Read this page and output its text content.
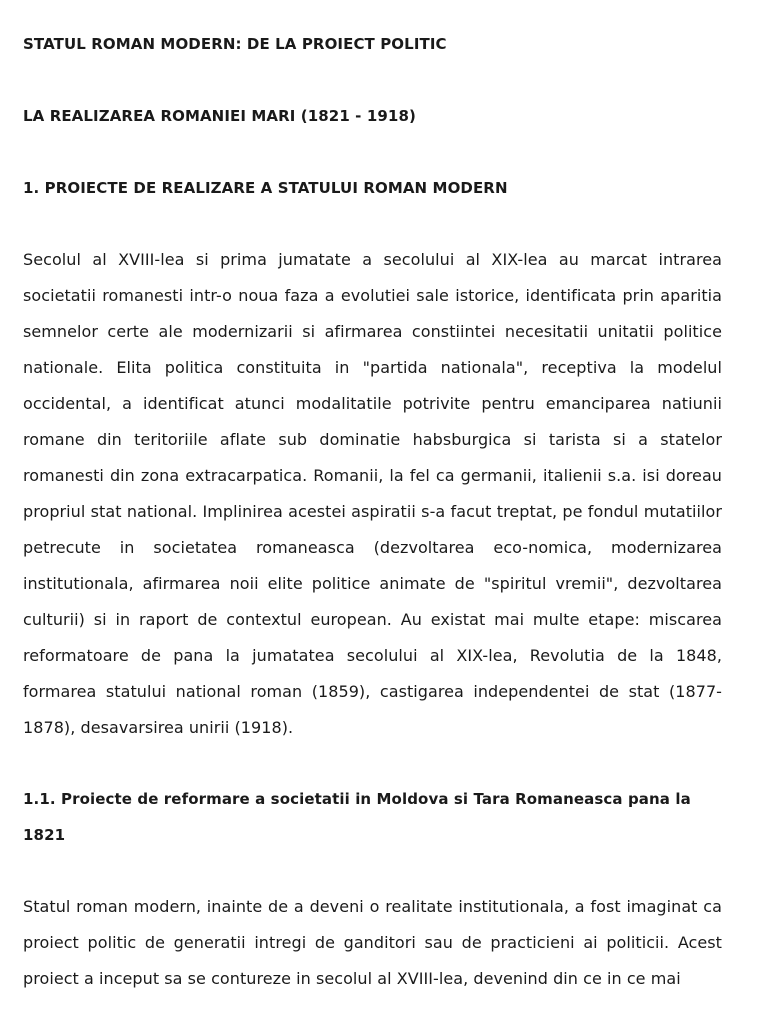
STATUL ROMAN MODERN: DE LA PROIECT POLITIC
LA REALIZAREA ROMANIEI MARI (1821 - 1918)
1. PROIECTE DE REALIZARE A STATULUI ROMAN MODERN

Secolul al XVIII-lea si prima jumatate a secolului al XIX-lea au marcat intrarea societatii romanesti intr-o noua faza a evolutiei sale istorice, identificata prin aparitia semnelor certe ale modernizarii si afirmarea constiintei necesitatii unitatii politice nationale. Elita politica constituita in "partida nationala", receptiva la modelul occidental, a identificat atunci modalitatile potrivite pentru emanciparea natiunii romane din teritoriile aflate sub dominatie habsburgica si tarista si a statelor romanesti din zona extracarpatica. Romanii, la fel ca germanii, italienii s.a. isi doreau propriul stat national. Implinirea acestei aspiratii s-a facut treptat, pe fondul mutatiilor petrecute in societatea romaneasca (dezvoltarea eco-nomica, modernizarea institutionala, afirmarea noii elite politice animate de "spiritul vremii", dezvoltarea culturii) si in raport de contextul european. Au existat mai multe etape: miscarea reformatoare de pana la jumatatea secolului al XIX-lea, Revolutia de la 1848, formarea statului national roman (1859), castigarea independentei de stat (1877-1878), desavarsirea unirii (1918).

1.1. Proiecte de reformare a societatii in Moldova si Tara Romaneasca pana la 1821

Statul roman modern, inainte de a deveni o realitate institutionala, a fost imaginat ca proiect politic de generatii intregi de ganditori sau de practicieni ai politicii. Acest proiect a inceput sa se contureze in secolul al XVIII-lea, devenind din ce in ce mai
